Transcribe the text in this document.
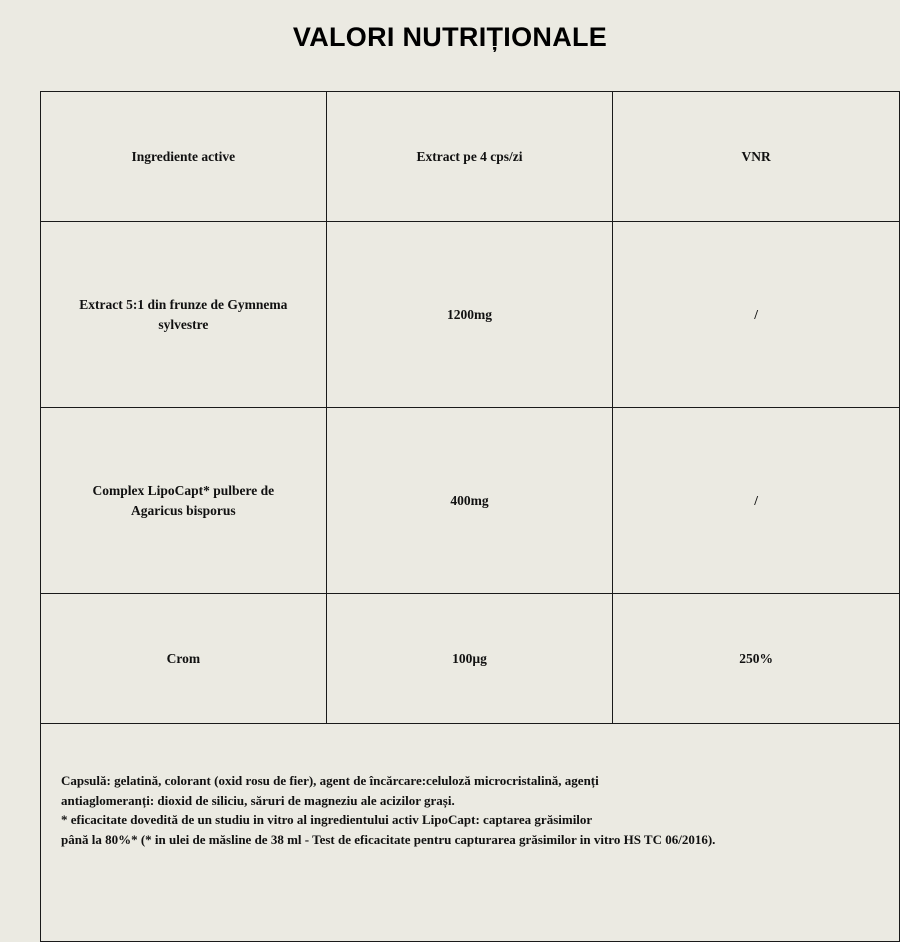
VALORI NUTRIȚIONALE
Ingrediente active	Extract pe 4 cps/zi	VNR
Extract 5:1 din frunze de Gymnema sylvestre	1200mg	/
Complex LipoCapt* pulbere de Agaricus bisporus	400mg	/
Crom	100µg	250%

Capsulă: gelatină, colorant (oxid rosu de fier), agent de încărcare:celuloză microcristalină, agenți
antiaglomeranți: dioxid de siliciu, săruri de magneziu ale acizilor grași.
* eficacitate dovedită de un studiu in vitro al ingredientului activ LipoCapt: captarea grăsimilor
până la 80%* (* in ulei de măsline de 38 ml - Test de eficacitate pentru capturarea grăsimilor in vitro HS TC 06/2016).		
